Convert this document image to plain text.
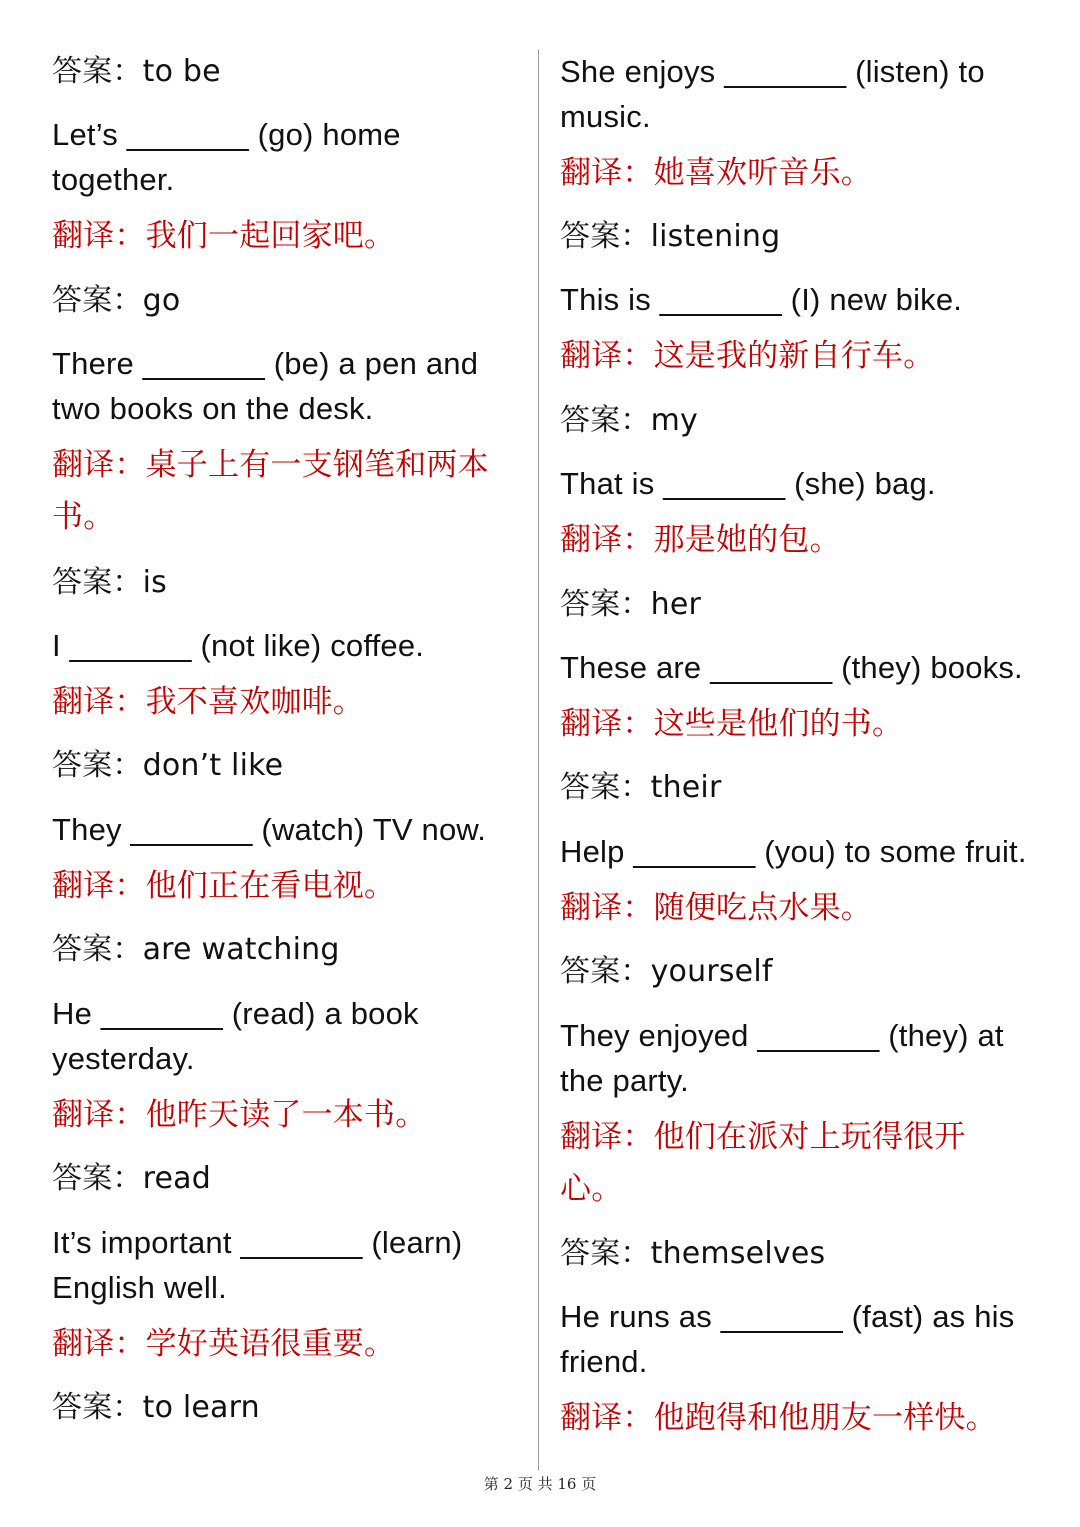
答案：to be
Let’s _______ (go) home
together.
翻译：我们一起回家吧。
答案：go
There _______ (be) a pen and
two books on the desk.
翻译：桌子上有一支钢笔和两本
书。
答案：is
I _______ (not like) coffee.
翻译：我不喜欢咖啡。
答案：don’t like
They _______ (watch) TV now.
翻译：他们正在看电视。
答案：are watching
He _______ (read) a book
yesterday.
翻译：他昨天读了一本书。
答案：read
It’s important _______ (learn)
English well.
翻译：学好英语很重要。
答案：to learn
She enjoys _______ (listen) to
music.
翻译：她喜欢听音乐。
答案：listening
This is _______ (I) new bike.
翻译：这是我的新自行车。
答案：my
That is _______ (she) bag.
翻译：那是她的包。
答案：her
These are _______ (they) books.
翻译：这些是他们的书。
答案：their
Help _______ (you) to some fruit.
翻译：随便吃点水果。
答案：yourself
They enjoyed _______ (they) at
the party.
翻译：他们在派对上玩得很开
心。
答案：themselves
He runs as _______ (fast) as his
friend.
翻译：他跑得和他朋友一样快。
第 2 页 共 16 页
